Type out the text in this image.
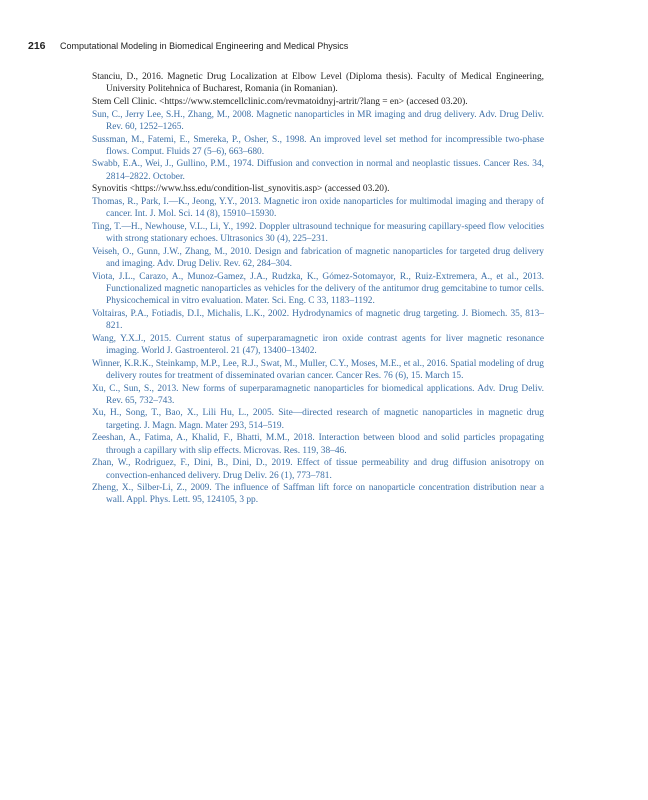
216 Computational Modeling in Biomedical Engineering and Medical Physics

Stanciu, D., 2016. Magnetic Drug Localization at Elbow Level (Diploma thesis). Faculty of Medical Engineering, University Politehnica of Bucharest, Romania (in Romanian).

Stem Cell Clinic. <https://www.stemcellclinic.com/revmatoidnyj-artrit/?lang = en> (accesed 03.20).

Sun, C., Jerry Lee, S.H., Zhang, M., 2008. Magnetic nanoparticles in MR imaging and drug delivery. Adv. Drug Deliv. Rev. 60, 1252–1265.

Sussman, M., Fatemi, E., Smereka, P., Osher, S., 1998. An improved level set method for incompressible two-phase flows. Comput. Fluids 27 (5–6), 663–680.

Swabb, E.A., Wei, J., Gullino, P.M., 1974. Diffusion and convection in normal and neoplastic tissues. Cancer Res. 34, 2814–2822. October.

Synovitis <https://www.hss.edu/condition-list_synovitis.asp> (accessed 03.20).

Thomas, R., Park, I.—K., Jeong, Y.Y., 2013. Magnetic iron oxide nanoparticles for multimodal imaging and therapy of cancer. Int. J. Mol. Sci. 14 (8), 15910–15930.

Ting, T.—H., Newhouse, V.L., Li, Y., 1992. Doppler ultrasound technique for measuring capillary-speed flow velocities with strong stationary echoes. Ultrasonics 30 (4), 225–231.

Veiseh, O., Gunn, J.W., Zhang, M., 2010. Design and fabrication of magnetic nanoparticles for targeted drug delivery and imaging. Adv. Drug Deliv. Rev. 62, 284–304.

Viota, J.L., Carazo, A., Munoz-Gamez, J.A., Rudzka, K., Gómez-Sotomayor, R., Ruiz-Extremera, A., et al., 2013. Functionalized magnetic nanoparticles as vehicles for the delivery of the antitumor drug gemcitabine to tumor cells. Physicochemical in vitro evaluation. Mater. Sci. Eng. C 33, 1183–1192.

Voltairas, P.A., Fotiadis, D.I., Michalis, L.K., 2002. Hydrodynamics of magnetic drug targeting. J. Biomech. 35, 813–821.

Wang, Y.X.J., 2015. Current status of superparamagnetic iron oxide contrast agents for liver magnetic resonance imaging. World J. Gastroenterol. 21 (47), 13400–13402.

Winner, K.R.K., Steinkamp, M.P., Lee, R.J., Swat, M., Muller, C.Y., Moses, M.E., et al., 2016. Spatial modeling of drug delivery routes for treatment of disseminated ovarian cancer. Cancer Res. 76 (6), 15. March 15.

Xu, C., Sun, S., 2013. New forms of superparamagnetic nanoparticles for biomedical applications. Adv. Drug Deliv. Rev. 65, 732–743.

Xu, H., Song, T., Bao, X., Lili Hu, L., 2005. Site—directed research of magnetic nanoparticles in magnetic drug targeting. J. Magn. Magn. Mater 293, 514–519.

Zeeshan, A., Fatima, A., Khalid, F., Bhatti, M.M., 2018. Interaction between blood and solid particles propagating through a capillary with slip effects. Microvas. Res. 119, 38–46.

Zhan, W., Rodriguez, F., Dini, B., Dini, D., 2019. Effect of tissue permeability and drug diffusion anisotropy on convection-enhanced delivery. Drug Deliv. 26 (1), 773–781.

Zheng, X., Silber-Li, Z., 2009. The influence of Saffman lift force on nanoparticle concentration distribution near a wall. Appl. Phys. Lett. 95, 124105, 3 pp.
